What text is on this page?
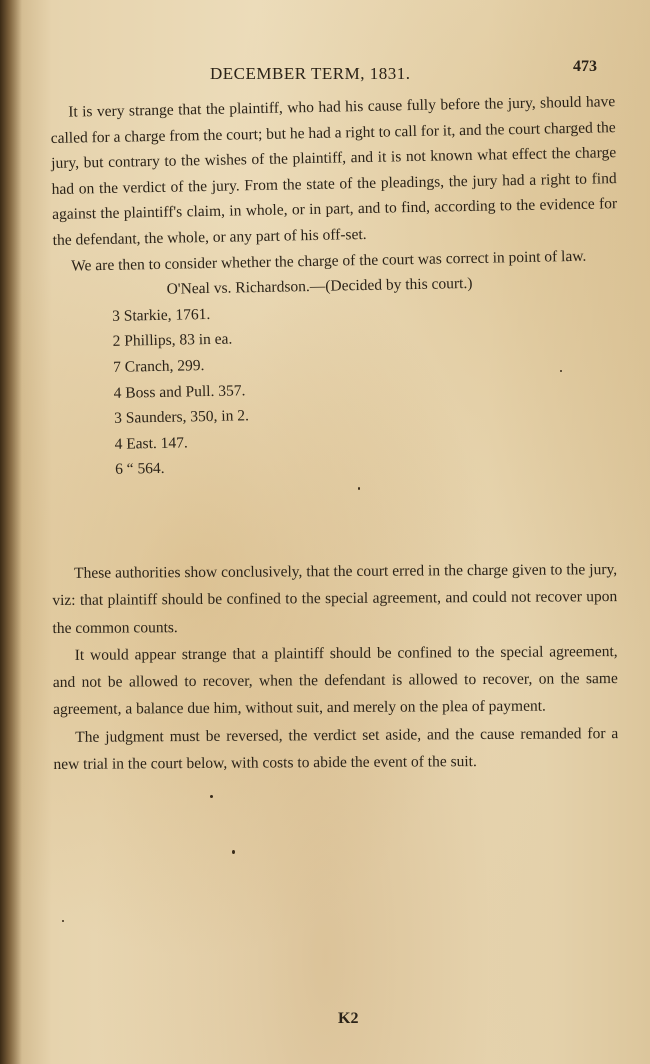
DECEMBER TERM, 1831.	473

It is very strange that the plaintiff, who had his cause fully before the jury, should have called for a charge from the court; but he had a right to call for it, and the court charged the jury, but contrary to the wishes of the plaintiff, and it is not known what effect the charge had on the verdict of the jury. From the state of the pleadings, the jury had a right to find against the plaintiff's claim, in whole, or in part, and to find, according to the evidence for the defendant, the whole, or any part of his off-set.

We are then to consider whether the charge of the court was correct in point of law.

O'Neal vs. Richardson.—(Decided by this court.)

3 Starkie, 1761.
2 Phillips, 83 in ea.
7 Cranch, 299.
4 Boss and Pull. 357.
3 Saunders, 350, in 2.
4 East. 147.
6 “ 564.

These authorities show conclusively, that the court erred in the charge given to the jury, viz: that plaintiff should be confined to the special agreement, and could not recover upon the common counts.

It would appear strange that a plaintiff should be confined to the special agreement, and not be allowed to recover, when the defendant is allowed to recover, on the same agreement, a balance due him, without suit, and merely on the plea of payment.

The judgment must be reversed, the verdict set aside, and the cause remanded for a new trial in the court below, with costs to abide the event of the suit.

K2
